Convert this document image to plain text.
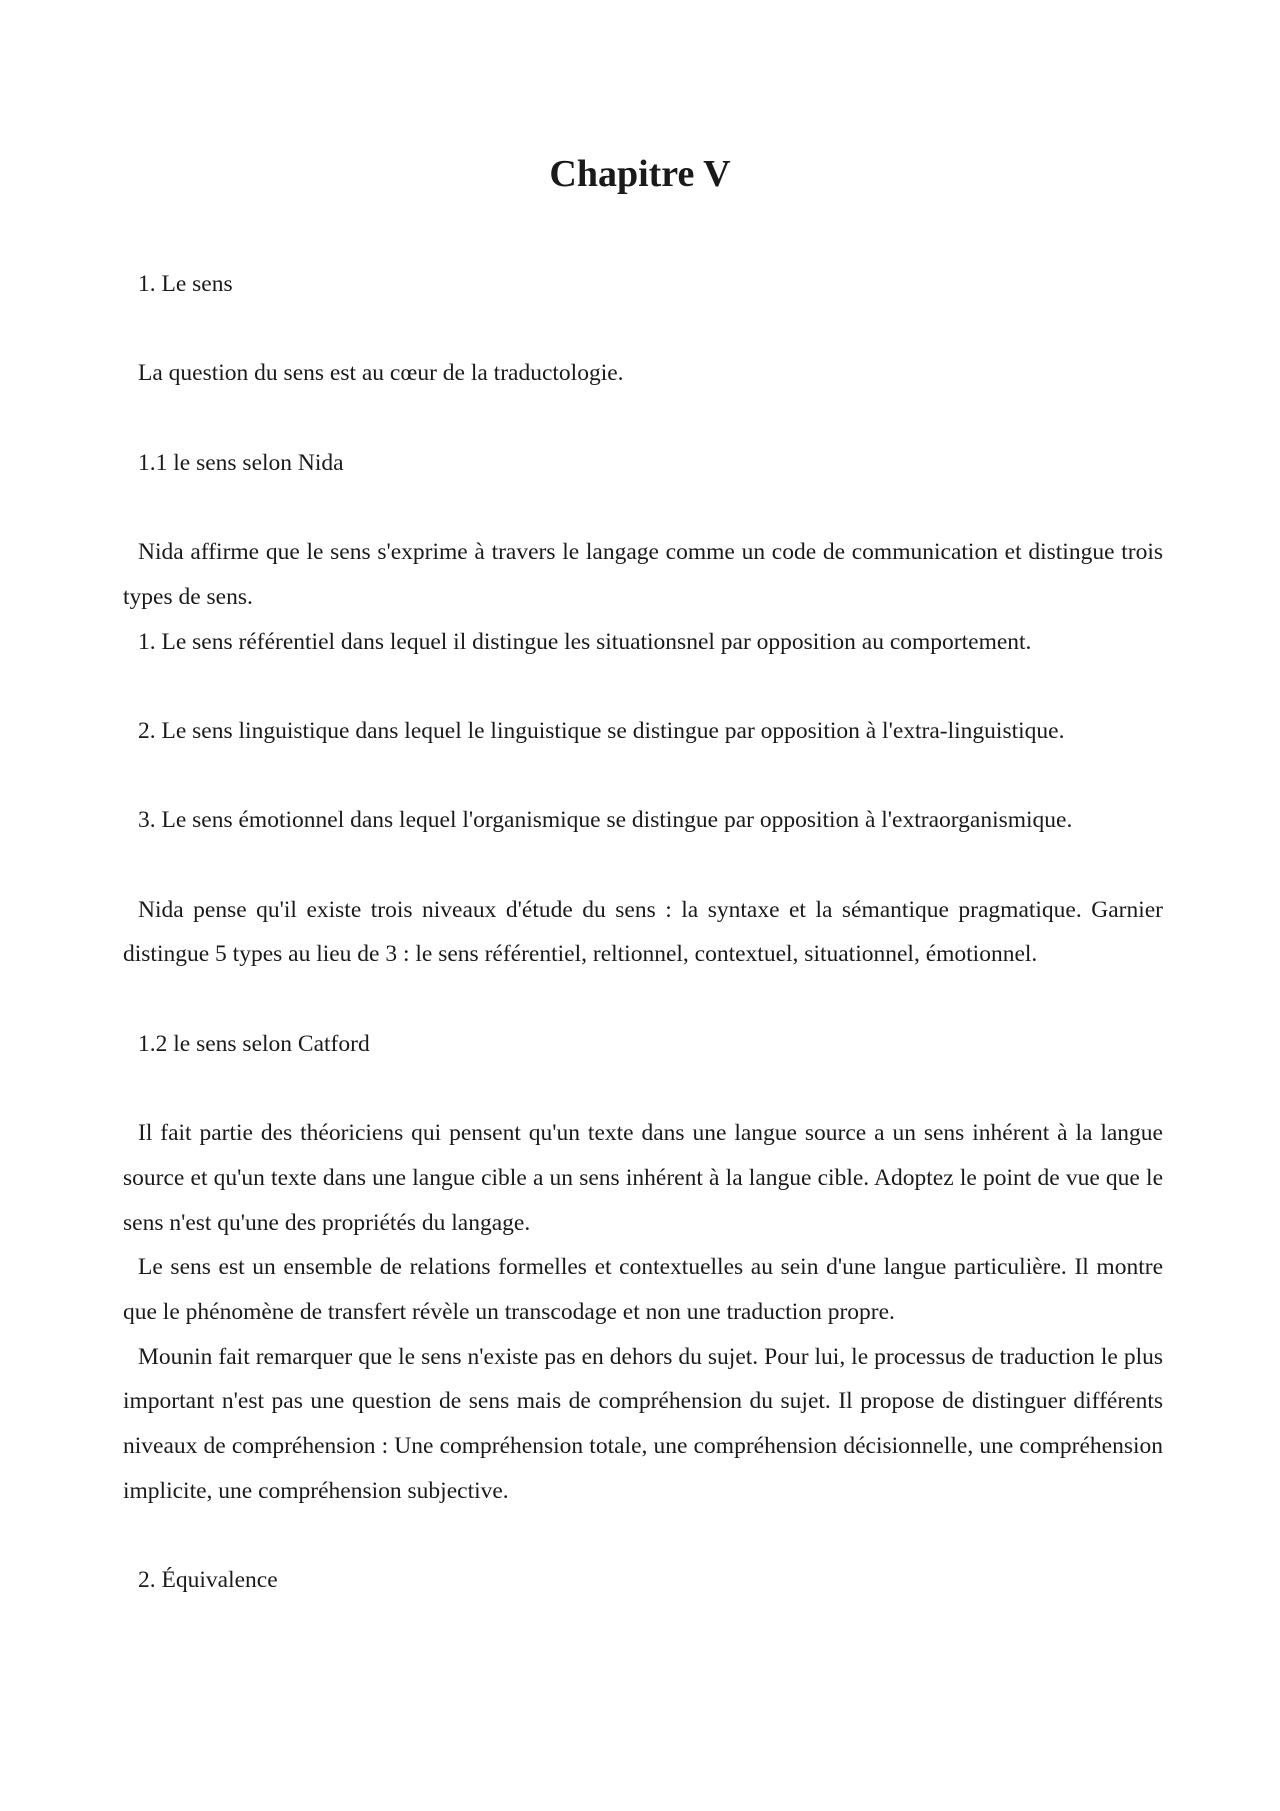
Chapitre V

1. Le sens

La question du sens est au cœur de la traductologie.

1.1 le sens selon Nida

Nida affirme que le sens s'exprime à travers le langage comme un code de communication et distingue trois types de sens.

1. Le sens référentiel dans lequel il distingue les situationsnel par opposition au comportement.

2. Le sens linguistique dans lequel le linguistique se distingue par opposition à l'extra-linguistique.

3. Le sens émotionnel dans lequel l'organismique se distingue par opposition à l'extraorganismique.

Nida pense qu'il existe trois niveaux d'étude du sens : la syntaxe et la sémantique pragmatique. Garnier distingue 5 types au lieu de 3 : le sens référentiel, reltionnel, contextuel, situationnel, émotionnel.

1.2 le sens selon Catford

Il fait partie des théoriciens qui pensent qu'un texte dans une langue source a un sens inhérent à la langue source et qu'un texte dans une langue cible a un sens inhérent à la langue cible. Adoptez le point de vue que le sens n'est qu'une des propriétés du langage.

Le sens est un ensemble de relations formelles et contextuelles au sein d'une langue particulière. Il montre que le phénomène de transfert révèle un transcodage et non une traduction propre.

Mounin fait remarquer que le sens n'existe pas en dehors du sujet. Pour lui, le processus de traduction le plus important n'est pas une question de sens mais de compréhension du sujet. Il propose de distinguer différents niveaux de compréhension : Une compréhension totale, une compréhension décisionnelle, une compréhension implicite, une compréhension subjective.

2. Équivalence
